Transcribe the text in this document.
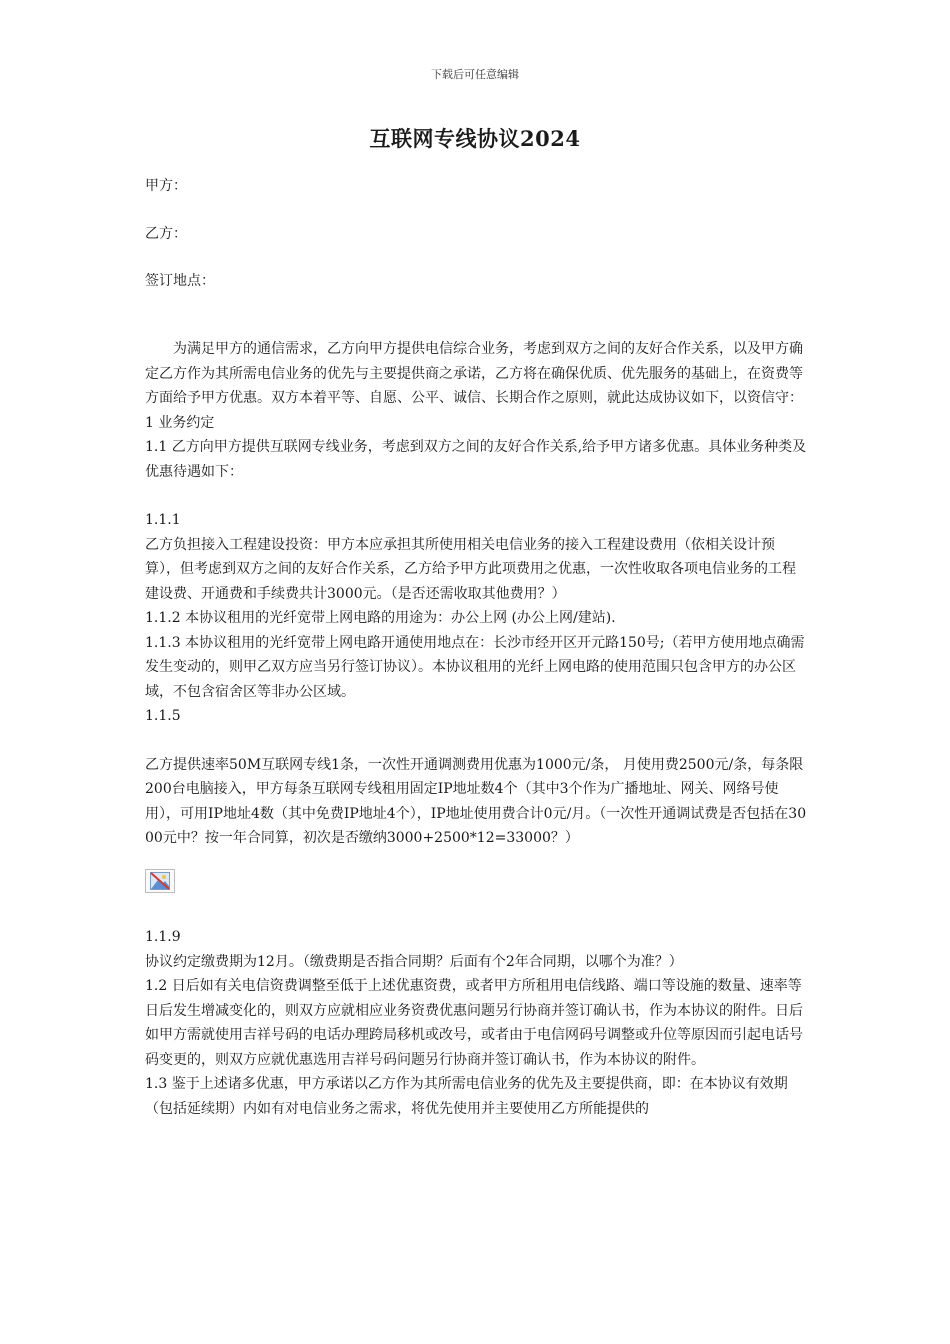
下载后可任意编辑
互联网专线协议2024
甲方：
乙方：
签订地点：

为满足甲方的通信需求，乙方向甲方提供电信综合业务，考虑到双方之间的友好合作关系，以及甲方确定乙方作为其所需电信业务的优先与主要提供商之承诺，乙方将在确保优质、优先服务的基础上，在资费等方面给予甲方优惠。双方本着平等、自愿、公平、诚信、长期合作之原则，就此达成协议如下，以资信守：

1 业务约定

1.1 乙方向甲方提供互联网专线业务，考虑到双方之间的友好合作关系,给予甲方诸多优惠。具体业务种类及优惠待遇如下：

1.1.1

乙方负担接入工程建设投资：甲方本应承担其所使用相关电信业务的接入工程建设费用（依相关设计预算），但考虑到双方之间的友好合作关系，乙方给予甲方此项费用之优惠，一次性收取各项电信业务的工程建设费、开通费和手续费共计3000元。（是否还需收取其他费用？）

1.1.2 本协议租用的光纤宽带上网电路的用途为：办公上网 (办公上网/建站).

1.1.3 本协议租用的光纤宽带上网电路开通使用地点在：长沙市经开区开元路150号;（若甲方使用地点确需发生变动的，则甲乙双方应当另行签订协议）。本协议租用的光纤上网电路的使用范围只包含甲方的办公区域，不包含宿舍区等非办公区域。

1.1.5

乙方提供速率50M互联网专线1条，一次性开通调测费用优惠为1000元/条， 月使用费2500元/条，每条限200台电脑接入，甲方每条互联网专线租用固定IP地址数4个（其中3个作为广播地址、网关、网络号使用），可用IP地址4数（其中免费IP地址4个），IP地址使用费合计0元/月。（一次性开通调试费是否包括在3000元中？按一年合同算，初次是否缴纳3000+2500*12=33000？）

1.1.9

协议约定缴费期为12月。（缴费期是否指合同期？后面有个2年合同期，以哪个为准？）

1.2 日后如有关电信资费调整至低于上述优惠资费，或者甲方所租用电信线路、端口等设施的数量、速率等日后发生增减变化的，则双方应就相应业务资费优惠问题另行协商并签订确认书，作为本协议的附件。日后如甲方需就使用吉祥号码的电话办理跨局移机或改号，或者由于电信网码号调整或升位等原因而引起电话号码变更的，则双方应就优惠选用吉祥号码问题另行协商并签订确认书，作为本协议的附件。

1.3 鉴于上述诸多优惠，甲方承诺以乙方作为其所需电信业务的优先及主要提供商，即：在本协议有效期（包括延续期）内如有对电信业务之需求，将优先使用并主要使用乙方所能提供的
